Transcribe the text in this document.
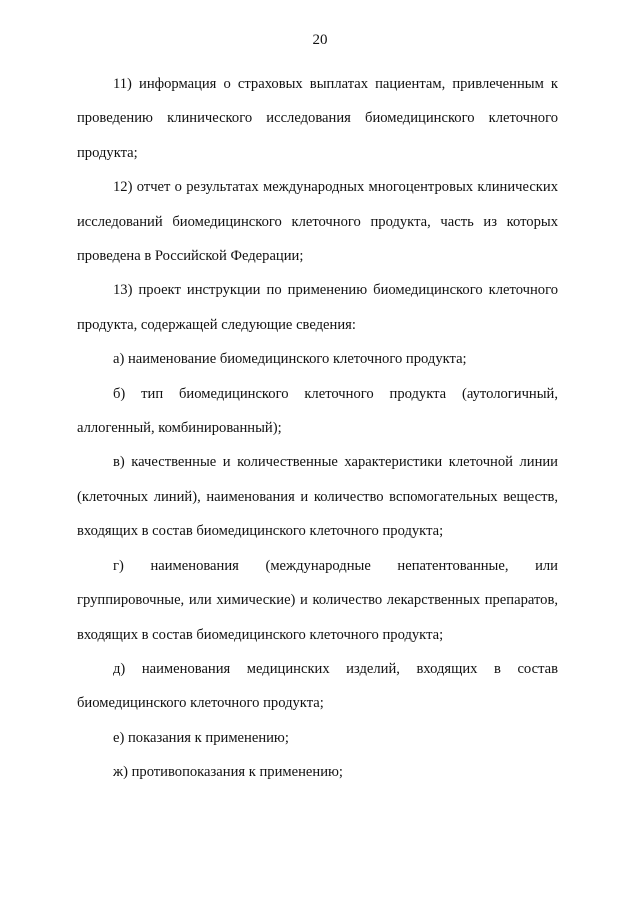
20

11) информация о страховых выплатах пациентам, привлеченным к проведению клинического исследования биомедицинского клеточного продукта;

12) отчет о результатах международных многоцентровых клинических исследований биомедицинского клеточного продукта, часть из которых проведена в Российской Федерации;

13) проект инструкции по применению биомедицинского клеточного продукта, содержащей следующие сведения:

а) наименование биомедицинского клеточного продукта;

б) тип биомедицинского клеточного продукта (аутологичный, аллогенный, комбинированный);

в) качественные и количественные характеристики клеточной линии (клеточных линий), наименования и количество вспомогательных веществ, входящих в состав биомедицинского клеточного продукта;

г) наименования (международные непатентованные, или группировочные, или химические) и количество лекарственных препаратов, входящих в состав биомедицинского клеточного продукта;

д) наименования медицинских изделий, входящих в состав биомедицинского клеточного продукта;

е) показания к применению;

ж) противопоказания к применению;
